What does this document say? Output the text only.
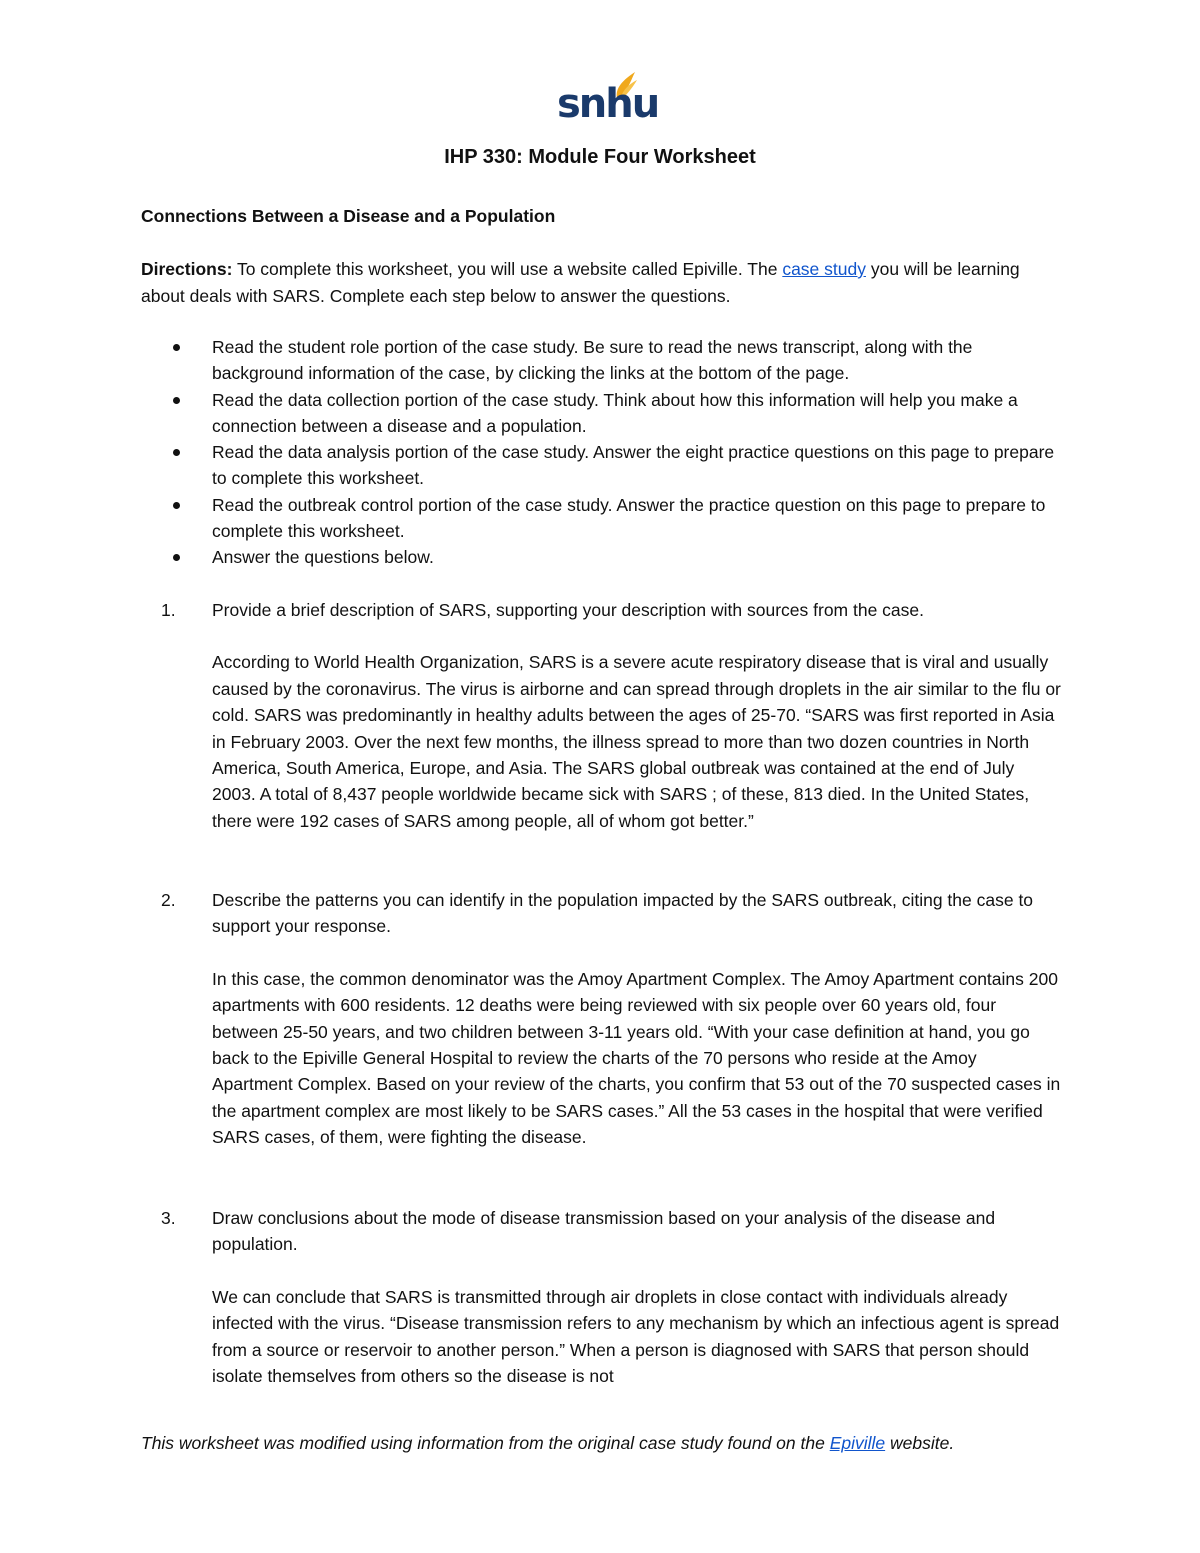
snhu
IHP 330: Module Four Worksheet
Connections Between a Disease and a Population
Directions: To complete this worksheet, you will use a website called Epiville. The case study you will be learning about deals with SARS. Complete each step below to answer the questions.
Read the student role portion of the case study. Be sure to read the news transcript, along with the background information of the case, by clicking the links at the bottom of the page.
Read the data collection portion of the case study. Think about how this information will help you make a connection between a disease and a population.
Read the data analysis portion of the case study. Answer the eight practice questions on this page to prepare to complete this worksheet.
Read the outbreak control portion of the case study. Answer the practice question on this page to prepare to complete this worksheet.
Answer the questions below.
1. Provide a brief description of SARS, supporting your description with sources from the case.
According to World Health Organization, SARS is a severe acute respiratory disease that is viral and usually caused by the coronavirus. The virus is airborne and can spread through droplets in the air similar to the flu or cold. SARS was predominantly in healthy adults between the ages of 25-70. “SARS was first reported in Asia in February 2003. Over the next few months, the illness spread to more than two dozen countries in North America, South America, Europe, and Asia. The SARS global outbreak was contained at the end of July 2003. A total of 8,437 people worldwide became sick with SARS ; of these, 813 died. In the United States, there were 192 cases of SARS among people, all of whom got better.”
2. Describe the patterns you can identify in the population impacted by the SARS outbreak, citing the case to support your response.
In this case, the common denominator was the Amoy Apartment Complex. The Amoy Apartment contains 200 apartments with 600 residents. 12 deaths were being reviewed with six people over 60 years old, four between 25-50 years, and two children between 3-11 years old. “With your case definition at hand, you go back to the Epiville General Hospital to review the charts of the 70 persons who reside at the Amoy Apartment Complex. Based on your review of the charts, you confirm that 53 out of the 70 suspected cases in the apartment complex are most likely to be SARS cases.” All the 53 cases in the hospital that were verified SARS cases, of them, were fighting the disease.
3. Draw conclusions about the mode of disease transmission based on your analysis of the disease and population.
We can conclude that SARS is transmitted through air droplets in close contact with individuals already infected with the virus. “Disease transmission refers to any mechanism by which an infectious agent is spread from a source or reservoir to another person.” When a person is diagnosed with SARS that person should isolate themselves from others so the disease is not
This worksheet was modified using information from the original case study found on the Epiville website.
